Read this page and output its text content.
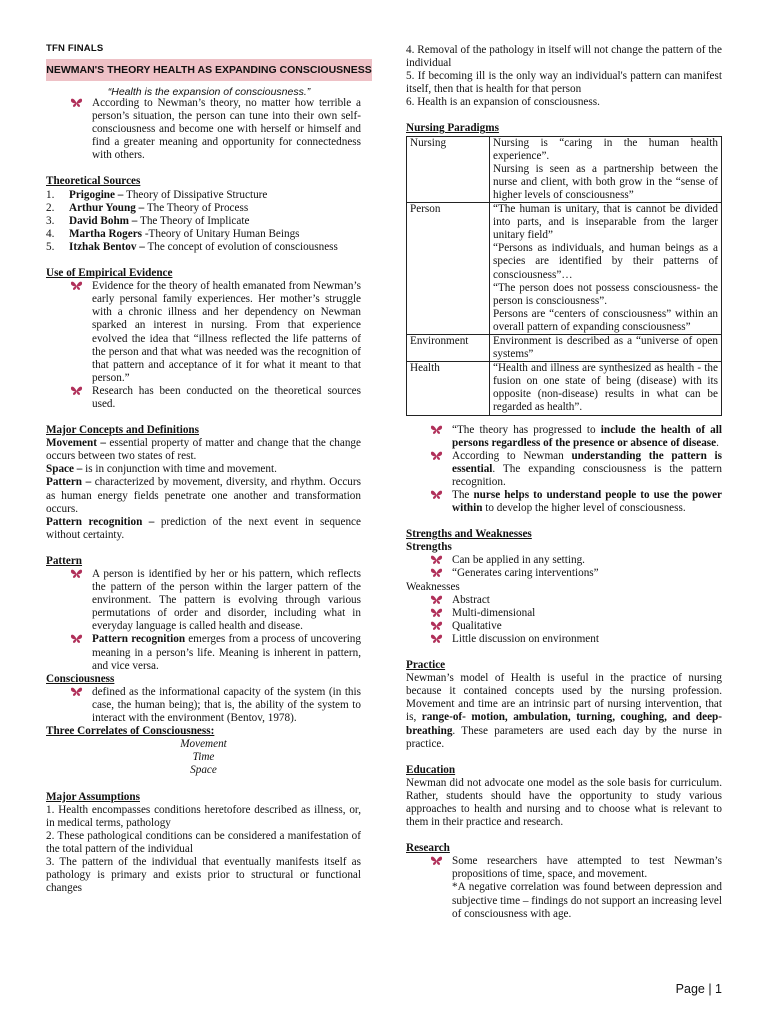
TFN FINALS
NEWMAN'S THEORY HEALTH AS EXPANDING CONSCIOUSNESS
“Health is the expansion of consciousness.”

According to Newman’s theory, no matter how terrible a person’s situation, the person can tune into their own self-consciousness and become one with herself or himself and find a greater meaning and opportunity for connectedness with others.

Theoretical Sources

1. Prigogine – Theory of Dissipative Structure
2. Arthur Young – The Theory of Process
3. David Bohm – The Theory of Implicate
4. Martha Rogers -Theory of Unitary Human Beings
5. Itzhak Bentov – The concept of evolution of consciousness

Use of Empirical Evidence

Evidence for the theory of health emanated from Newman’s early personal family experiences. Her mother’s struggle with a chronic illness and her dependency on Newman sparked an interest in nursing. From that experience evolved the idea that “illness reflected the life patterns of the person and that what was needed was the recognition of that pattern and acceptance of it for what it meant to that person.”

Research has been conducted on the theoretical sources used.

Major Concepts and Definitions

Movement – essential property of matter and change that the change occurs between two states of rest.

Space – is in conjunction with time and movement.

Pattern – characterized by movement, diversity, and rhythm. Occurs as human energy fields penetrate one another and transformation occurs.

Pattern recognition – prediction of the next event in sequence without certainty.

Pattern

A person is identified by her or his pattern, which reflects the pattern of the person within the larger pattern of the environment. The pattern is evolving through various permutations of order and disorder, including what in everyday language is called health and disease.

Pattern recognition emerges from a process of uncovering meaning in a person’s life. Meaning is inherent in pattern, and vice versa.

Consciousness

defined as the informational capacity of the system (in this case, the human being); that is, the ability of the system to interact with the environment (Bentov, 1978).

Three Correlates of Consciousness:

Movement

Time

Space

Major Assumptions

1. Health encompasses conditions heretofore described as illness, or, in medical terms, pathology

2. These pathological conditions can be considered a manifestation of the total pattern of the individual

3. The pattern of the individual that eventually manifests itself as pathology is primary and exists prior to structural or functional changes

4. Removal of the pathology in itself will not change the pattern of the individual

5. If becoming ill is the only way an individual's pattern can manifest itself, then that is health for that person

6. Health is an expansion of consciousness.

Nursing Paradigms

Nursing	Nursing is “caring in the human health experience”.

Nursing is seen as a partnership between the nurse and client, with both grow in the “sense of higher levels of consciousness”

Person	“The human is unitary, that is cannot be divided into parts, and is inseparable from the larger unitary field”

“Persons as individuals, and human beings as a species are identified by their patterns of consciousness”…

“The person does not possess consciousness- the person is consciousness”.

Persons are “centers of consciousness” within an overall pattern of expanding consciousness”

Environment	Environment is described as a “universe of open systems”

Health	“Health and illness are synthesized as health - the fusion on one state of being (disease) with its opposite (non-disease) results in what can be regarded as health”.

“The theory has progressed to include the health of all persons regardless of the presence or absence of disease.

According to Newman understanding the pattern is essential. The expanding consciousness is the pattern recognition.

The nurse helps to understand people to use the power within to develop the higher level of consciousness.

Strengths and Weaknesses

Strengths

Can be applied in any setting.

“Generates caring interventions”

Weaknesses

Abstract

Multi-dimensional

Qualitative

Little discussion on environment

Practice

Newman’s model of Health is useful in the practice of nursing because it contained concepts used by the nursing profession. Movement and time are an intrinsic part of nursing intervention, that is, range-of- motion, ambulation, turning, coughing, and deep- breathing. These parameters are used each day by the nurse in practice.

Education

Newman did not advocate one model as the sole basis for curriculum. Rather, students should have the opportunity to study various approaches to health and nursing and to choose what is relevant to them in their practice and research.

Research

Some researchers have attempted to test Newman’s propositions of time, space, and movement.

*A negative correlation was found between depression and subjective time – findings do not support an increasing level of consciousness with age.

Page | 1
